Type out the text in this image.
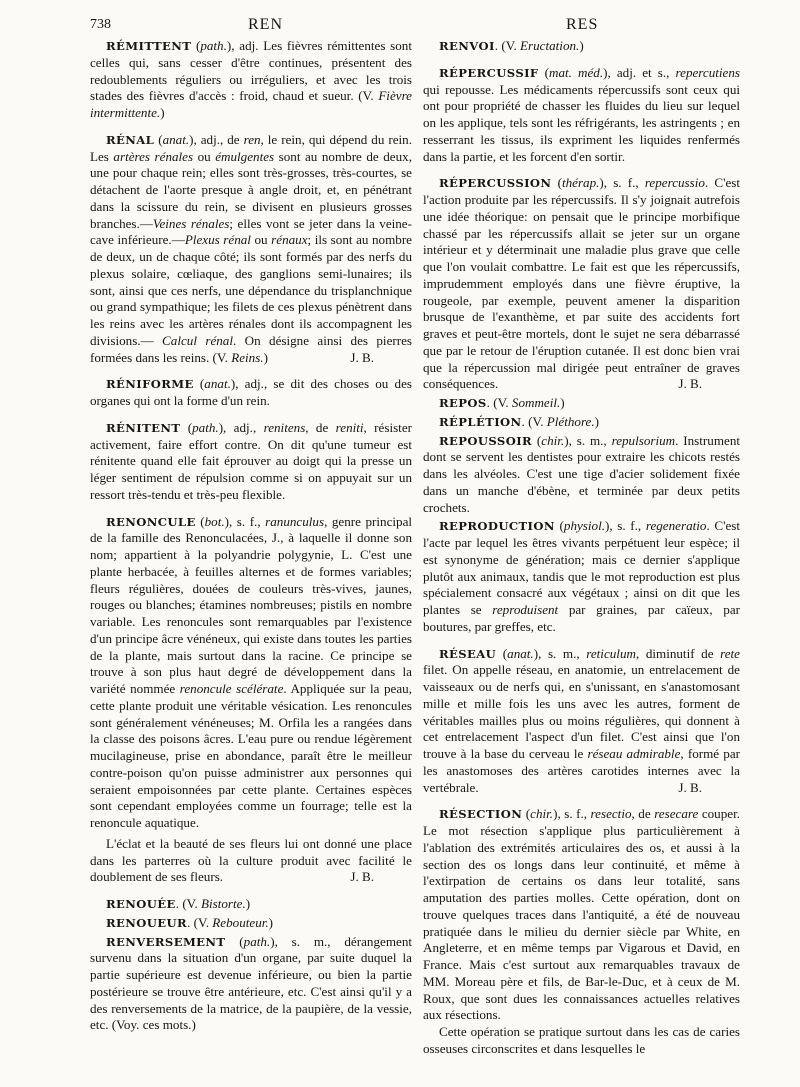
738	REN	RES

RÉMITTENT (path.), adj. Les fièvres rémittentes sont celles qui, sans cesser d'être continues, présentent des redoublements réguliers ou irréguliers, et avec les trois stades des fièvres d'accès : froid, chaud et sueur. (V. Fièvre intermittente.)

RÉNAL (anat.), adj., de ren, le rein, qui dépend du rein. Les artères rénales ou émulgentes sont au nombre de deux, une pour chaque rein; elles sont très-grosses, très-courtes, se détachent de l'aorte presque à angle droit, et, en pénétrant dans la scissure du rein, se divisent en plusieurs grosses branches.—Veines rénales; elles vont se jeter dans la veine-cave inférieure.—Plexus rénal ou rénaux; ils sont au nombre de deux, un de chaque côté; ils sont formés par des nerfs du plexus solaire, cœliaque, des ganglions semi-lunaires; ils sont, ainsi que ces nerfs, une dépendance du trisplanchnique ou grand sympathique; les filets de ces plexus pénètrent dans les reins avec les artères rénales dont ils accompagnent les divisions.— Calcul rénal. On désigne ainsi des pierres formées dans les reins. (V. Reins.)	J. B.

RÉNIFORME (anat.), adj., se dit des choses ou des organes qui ont la forme d'un rein.

RÉNITENT (path.), adj., renitens, de reniti, résister activement, faire effort contre. On dit qu'une tumeur est rénitente quand elle fait éprouver au doigt qui la presse un léger sentiment de répulsion comme si on appuyait sur un ressort très-tendu et très-peu flexible.

RENONCULE (bot.), s. f., ranunculus, genre principal de la famille des Renonculacées, J., à laquelle il donne son nom; appartient à la polyandrie polygynie, L. C'est une plante herbacée, à feuilles alternes et de formes variables; fleurs régulières, douées de couleurs très-vives, jaunes, rouges ou blanches; étamines nombreuses; pistils en nombre variable. Les renoncules sont remarquables par l'existence d'un principe âcre vénéneux, qui existe dans toutes les parties de la plante, mais surtout dans la racine. Ce principe se trouve à son plus haut degré de développement dans la variété nommée renoncule scélérate. Appliquée sur la peau, cette plante produit une véritable vésication. Les renoncules sont généralement vénéneuses; M. Orfila les a rangées dans la classe des poisons âcres. L'eau pure ou rendue légèrement mucilagineuse, prise en abondance, paraît être le meilleur contre-poison qu'on puisse administrer aux personnes qui seraient empoisonnées par cette plante. Certaines espèces sont cependant employées comme un fourrage; telle est la renoncule aquatique.

L'éclat et la beauté de ses fleurs lui ont donné une place dans les parterres où la culture produit avec facilité le doublement de ses fleurs.	J. B.

RENOUÉE. (V. Bistorte.)

RENOUEUR. (V. Rebouteur.)

RENVERSEMENT (path.), s. m., dérangement survenu dans la situation d'un organe, par suite duquel la partie supérieure est devenue inférieure, ou bien la partie postérieure se trouve être antérieure, etc. C'est ainsi qu'il y a des renversements de la matrice, de la paupière, de la vessie, etc. (Voy. ces mots.)

RENVOI. (V. Eructation.)

RÉPERCUSSIF (mat. méd.), adj. et s., repercutiens qui repousse. Les médicaments répercussifs sont ceux qui ont pour propriété de chasser les fluides du lieu sur lequel on les applique, tels sont les réfrigérants, les astringents ; en resserrant les tissus, ils expriment les liquides renfermés dans la partie, et les forcent d'en sortir.

RÉPERCUSSION (thérap.), s. f., repercussio. C'est l'action produite par les répercussifs. Il s'y joignait autrefois une idée théorique: on pensait que le principe morbifique chassé par les répercussifs allait se jeter sur un organe intérieur et y déterminait une maladie plus grave que celle que l'on voulait combattre. Le fait est que les répercussifs, imprudemment employés dans une fièvre éruptive, la rougeole, par exemple, peuvent amener la disparition brusque de l'exanthème, et par suite des accidents fort graves et peut-être mortels, dont le sujet ne sera débarrassé que par le retour de l'éruption cutanée. Il est donc bien vrai que la répercussion mal dirigée peut entraîner de graves conséquences.	J. B.

REPOS. (V. Sommeil.)

RÉPLÉTION. (V. Pléthore.)

REPOUSSOIR (chir.), s. m., repulsorium. Instrument dont se servent les dentistes pour extraire les chicots restés dans les alvéoles. C'est une tige d'acier solidement fixée dans un manche d'ébène, et terminée par deux petits crochets.

REPRODUCTION (physiol.), s. f., regeneratio. C'est l'acte par lequel les êtres vivants perpétuent leur espèce; il est synonyme de génération; mais ce dernier s'applique plutôt aux animaux, tandis que le mot reproduction est plus spécialement consacré aux végétaux ; ainsi on dit que les plantes se reproduisent par graines, par caïeux, par boutures, par greffes, etc.

RÉSEAU (anat.), s. m., reticulum, diminutif de rete filet. On appelle réseau, en anatomie, un entrelacement de vaisseaux ou de nerfs qui, en s'unissant, en s'anastomosant mille et mille fois les uns avec les autres, forment de véritables mailles plus ou moins régulières, qui donnent à cet entrelacement l'aspect d'un filet. C'est ainsi que l'on trouve à la base du cerveau le réseau admirable, formé par les anastomoses des artères carotides internes avec la vertébrale.	J. B.

RÉSECTION (chir.), s. f., resectio, de resecare couper. Le mot résection s'applique plus particulièrement à l'ablation des extrémités articulaires des os, et aussi à la section des os longs dans leur continuité, et même à l'extirpation de certains os dans leur totalité, sans amputation des parties molles. Cette opération, dont on trouve quelques traces dans l'antiquité, a été de nouveau pratiquée dans le milieu du dernier siècle par White, en Angleterre, et en même temps par Vigarous et David, en France. Mais c'est surtout aux remarquables travaux de MM. Moreau père et fils, de Bar-le-Duc, et à ceux de M. Roux, que sont dues les connaissances actuelles relatives aux résections.

Cette opération se pratique surtout dans les cas de caries osseuses circonscrites et dans lesquelles le
